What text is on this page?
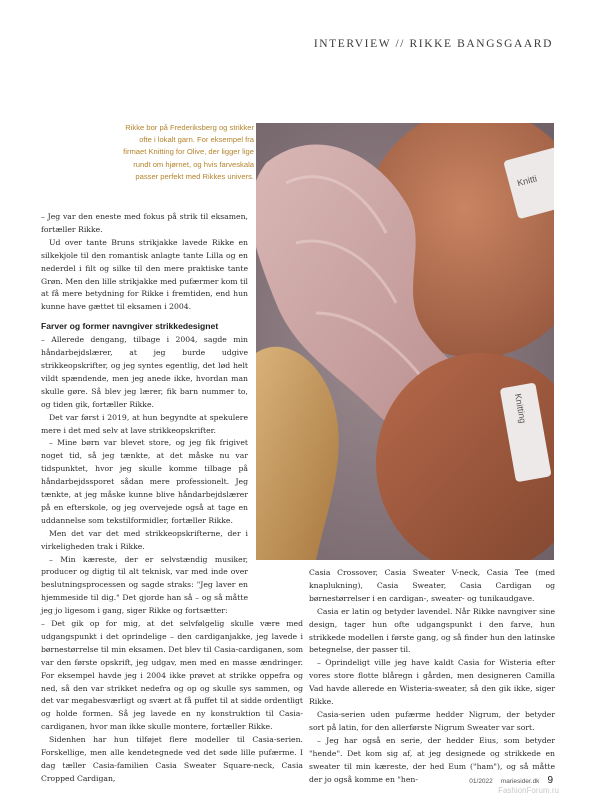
INTERVIEW // RIKKE BANGSGAARD
Rikke bor på Frederiksberg og strikker ofte i lokalt garn. For eksempel fra firmaet Knitting for Olive, der ligger lige rundt om hjørnet, og hvis farveskala passer perfekt med Rikkes univers.	Knitti
Knitting

– Jeg var den eneste med fokus på strik til eksamen, fortæller Rikke.

Ud over tante Bruns strikjakke lavede Rikke en silkekjole til den romantisk anlagte tante Lilla og en nederdel i filt og silke til den mere praktiske tante Grøn. Men den lille strikjakke med pufærmer kom til at få mere betydning for Rikke i fremtiden, end hun kunne have gættet til eksamen i 2004.

Farver og former navngiver strikkedesignet

– Allerede dengang, tilbage i 2004, sagde min håndarbejdslærer, at jeg burde udgive strikkeopskrifter, og jeg syntes egentlig, det lød helt vildt spændende, men jeg anede ikke, hvordan man skulle gøre. Så blev jeg lærer, fik barn nummer to, og tiden gik, fortæller Rikke.

Det var først i 2019, at hun begyndte at spekulere mere i det med selv at lave strikkeopskrifter.

– Mine børn var blevet store, og jeg fik frigivet noget tid, så jeg tænkte, at det måske nu var tidspunktet, hvor jeg skulle komme tilbage på håndarbejdssporet sådan mere professionelt. Jeg tænkte, at jeg måske kunne blive håndarbejdslærer på en efterskole, og jeg overvejede også at tage en uddannelse som tekstilformidler, fortæller Rikke.

Men det var det med strikkeopskrifterne, der i virkeligheden trak i Rikke.

– Min kæreste, der er selvstændig musiker, producer og digtig til alt teknisk, var med inde over beslutningsprocessen og sagde straks: "Jeg laver en hjemmeside til dig." Det gjorde han så – og så måtte jeg jo ligesom i gang, siger Rikke og fortsætter:

– Det gik op for mig, at det selvfølgelig skulle være med udgangspunkt i det oprindelige – den cardiganjakke, jeg lavede i børnestørrelse til min eksamen. Det blev til Casia-cardiganen, som var den første opskrift, jeg udgav, men med en masse ændringer. For eksempel havde jeg i 2004 ikke prøvet at strikke oppefra og ned, så den var strikket nedefra og op og skulle sys sammen, og det var megabesværligt og svært at få puffet til at sidde ordentligt og holde formen. Så jeg lavede en ny konstruktion til Casia-cardiganen, hvor man ikke skulle montere, fortæller Rikke.

Sidenhen har hun tilføjet flere modeller til Casia-serien. Forskellige, men alle kendetegnede ved det søde lille pufærme. I dag tæller Casia-familien Casia Sweater Square-neck, Casia Cropped Cardigan,

Casia Crossover, Casia Sweater V-neck, Casia Tee (med knaplukning), Casia Sweater, Casia Cardigan og børnestørrelser i en cardigan-, sweater- og tunikaudgave.

Casia er latin og betyder lavendel. Når Rikke navngiver sine design, tager hun ofte udgangspunkt i den farve, hun strikkede modellen i første gang, og så finder hun den latinske betegnelse, der passer til.

– Oprindeligt ville jeg have kaldt Casia for Wisteria efter vores store flotte blåregn i gården, men designeren Camilla Vad havde allerede en Wisteria-sweater, så den gik ikke, siger Rikke.

Casia-serien uden pufærme hedder Nigrum, der betyder sort på latin, for den allerførste Nigrum Sweater var sort.

– Jeg har også en serie, der hedder Eius, som betyder "hende". Det kom sig af, at jeg designede og strikkede en sweater til min kæreste, der hed Eum ("ham"), og så måtte der jo også komme en "hen-	01/2022 mariesider.dk 9
FashionForum.ru
